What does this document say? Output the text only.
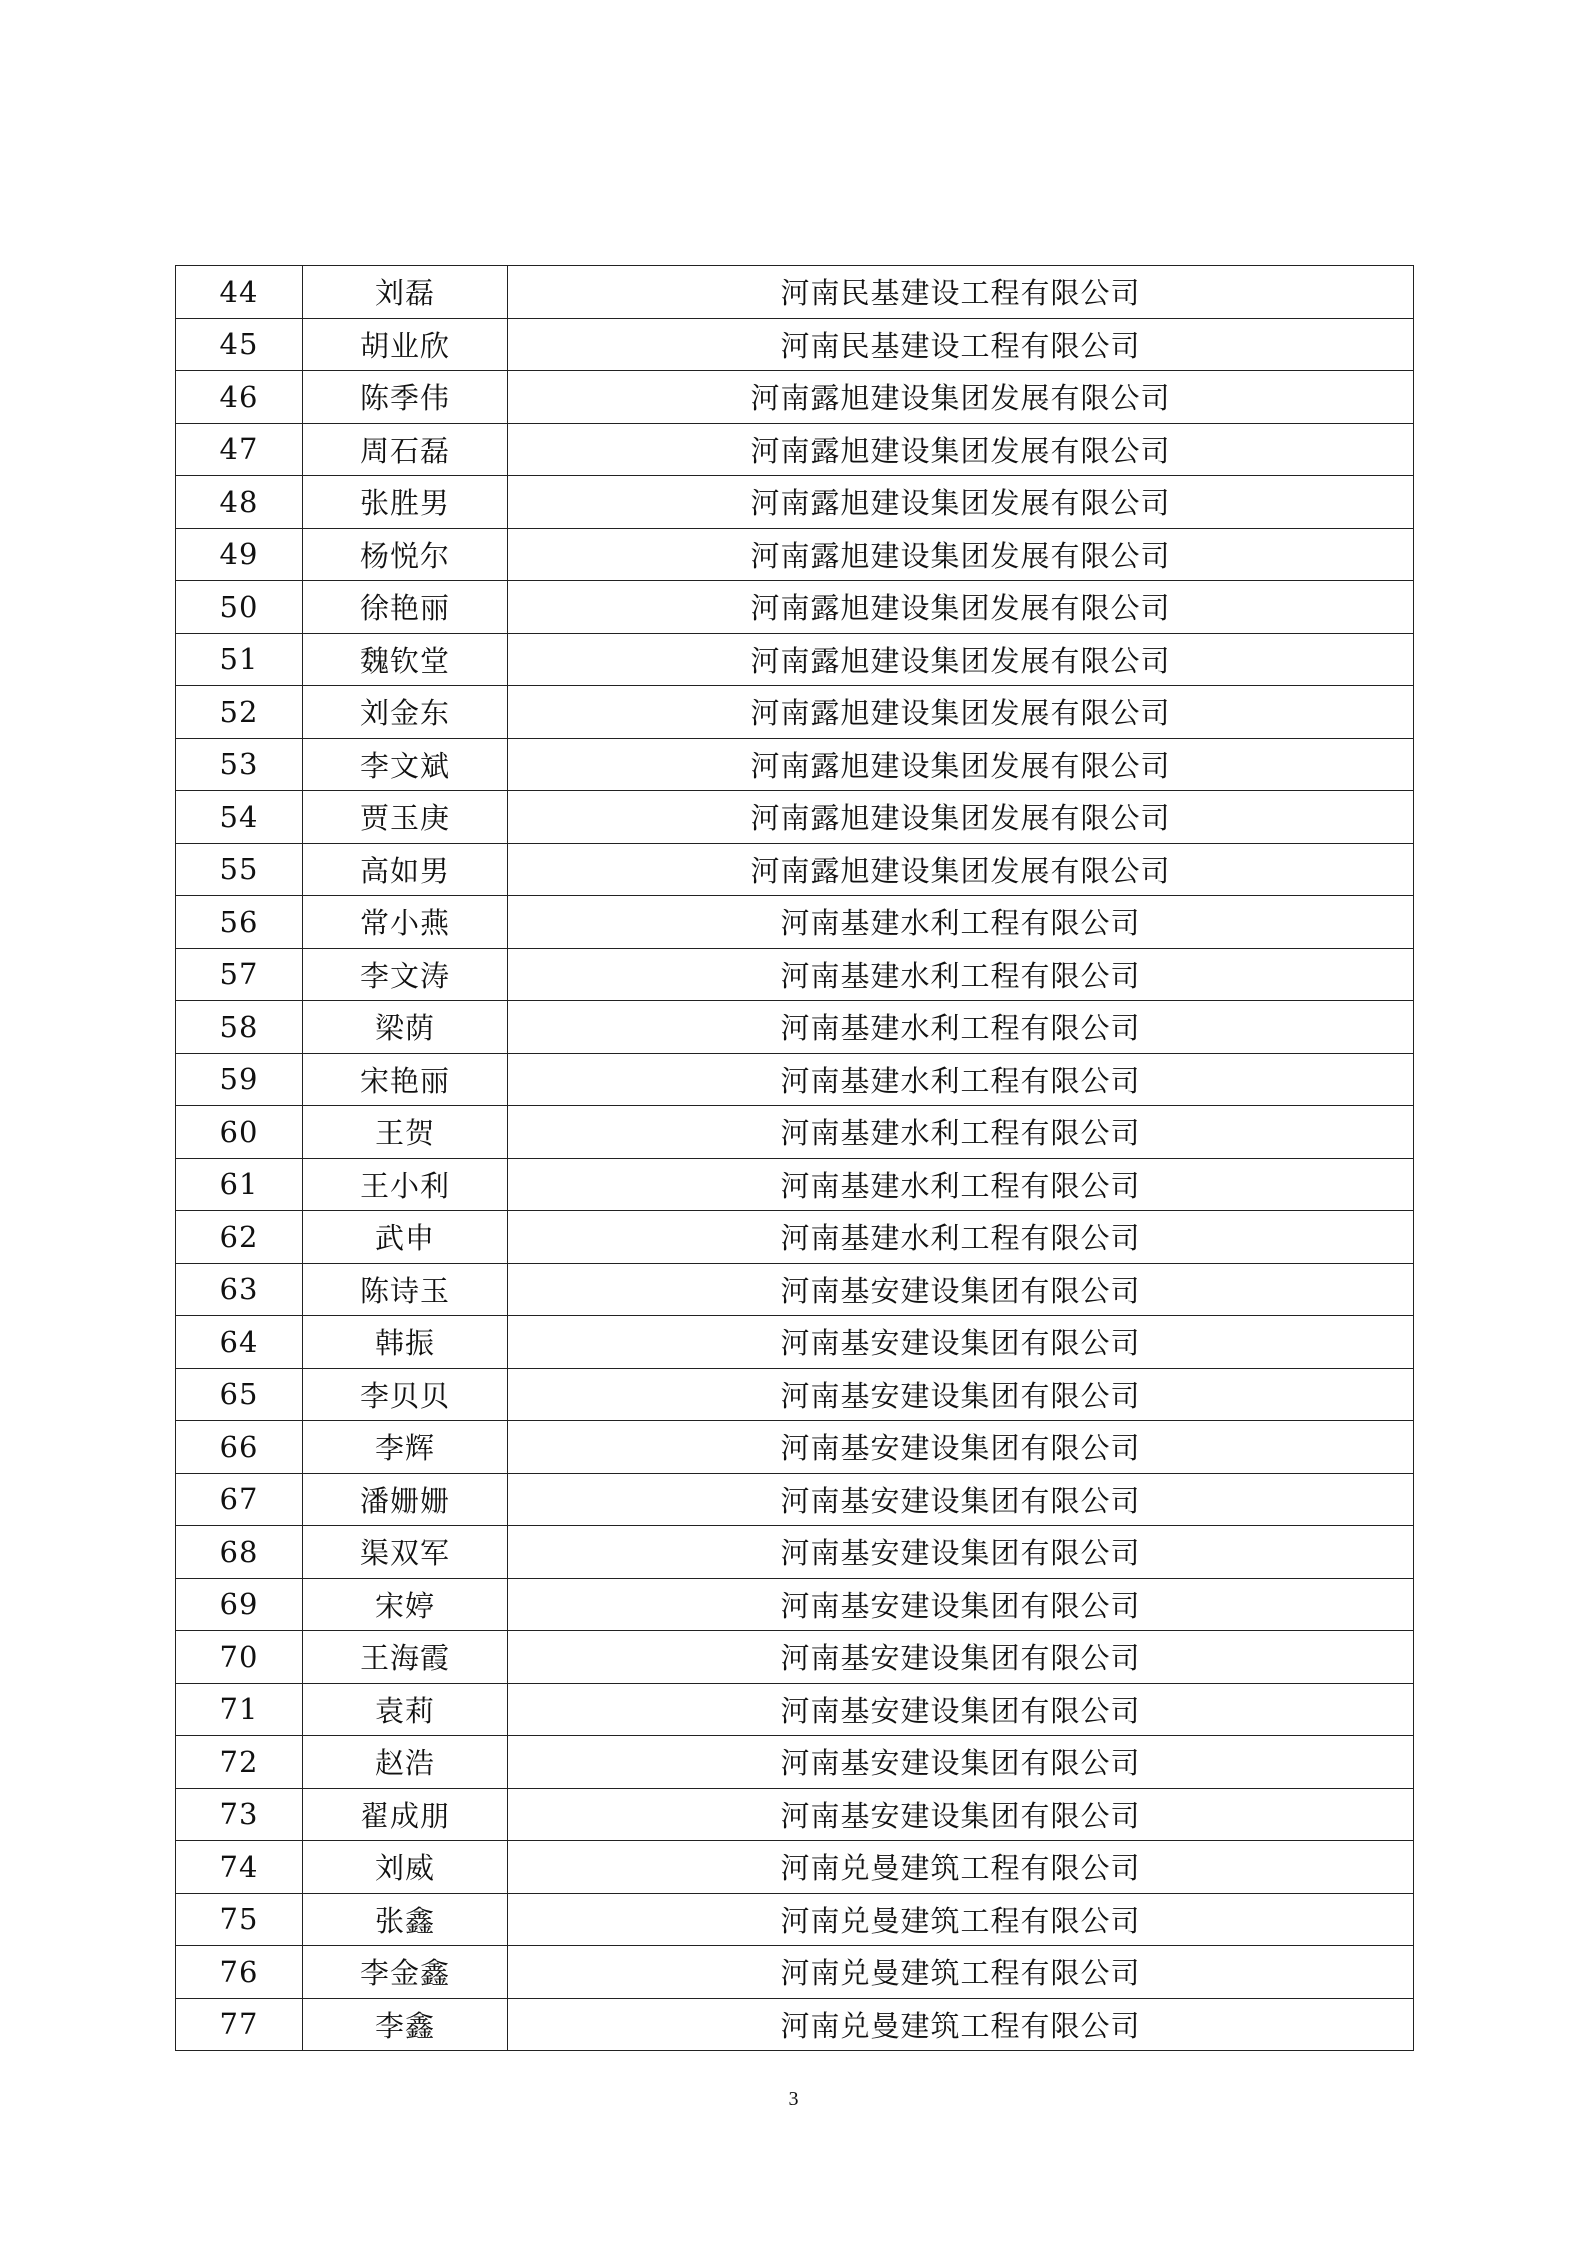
44	刘磊	河南民基建设工程有限公司
45	胡业欣	河南民基建设工程有限公司
46	陈季伟	河南露旭建设集团发展有限公司
47	周石磊	河南露旭建设集团发展有限公司
48	张胜男	河南露旭建设集团发展有限公司
49	杨悦尔	河南露旭建设集团发展有限公司
50	徐艳丽	河南露旭建设集团发展有限公司
51	魏钦堂	河南露旭建设集团发展有限公司
52	刘金东	河南露旭建设集团发展有限公司
53	李文斌	河南露旭建设集团发展有限公司
54	贾玉庚	河南露旭建设集团发展有限公司
55	高如男	河南露旭建设集团发展有限公司
56	常小燕	河南基建水利工程有限公司
57	李文涛	河南基建水利工程有限公司
58	梁荫	河南基建水利工程有限公司
59	宋艳丽	河南基建水利工程有限公司
60	王贺	河南基建水利工程有限公司
61	王小利	河南基建水利工程有限公司
62	武申	河南基建水利工程有限公司
63	陈诗玉	河南基安建设集团有限公司
64	韩振	河南基安建设集团有限公司
65	李贝贝	河南基安建设集团有限公司
66	李辉	河南基安建设集团有限公司
67	潘姗姗	河南基安建设集团有限公司
68	渠双军	河南基安建设集团有限公司
69	宋婷	河南基安建设集团有限公司
70	王海霞	河南基安建设集团有限公司
71	袁莉	河南基安建设集团有限公司
72	赵浩	河南基安建设集团有限公司
73	翟成朋	河南基安建设集团有限公司
74	刘威	河南兑曼建筑工程有限公司
75	张鑫	河南兑曼建筑工程有限公司
76	李金鑫	河南兑曼建筑工程有限公司
77	李鑫	河南兑曼建筑工程有限公司
3
